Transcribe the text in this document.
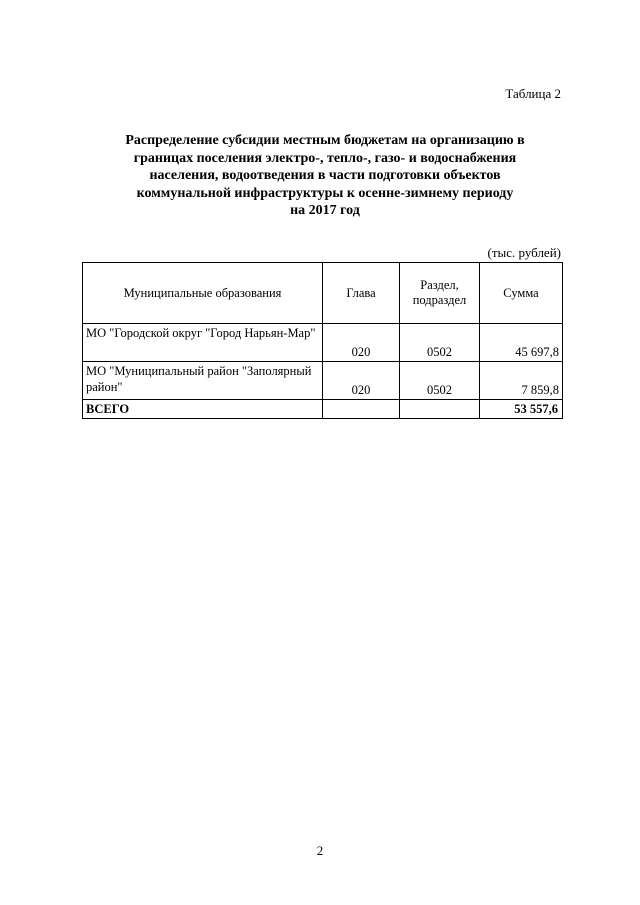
Таблица 2
Распределение субсидии местным бюджетам на организацию в
границах поселения электро-, тепло-, газо- и водоснабжения
населения, водоотведения в части подготовки объектов
коммунальной инфраструктуры к осенне-зимнему периоду
на 2017 год
(тыс. рублей)
Муниципальные образования	Глава	Раздел, подраздел	Сумма
МО "Городской округ "Город Нарьян-Мар"	020	0502	45 697,8
МО "Муниципальный район "Заполярный район"	020	0502	7 859,8
ВСЕГО			53 557,6
2
